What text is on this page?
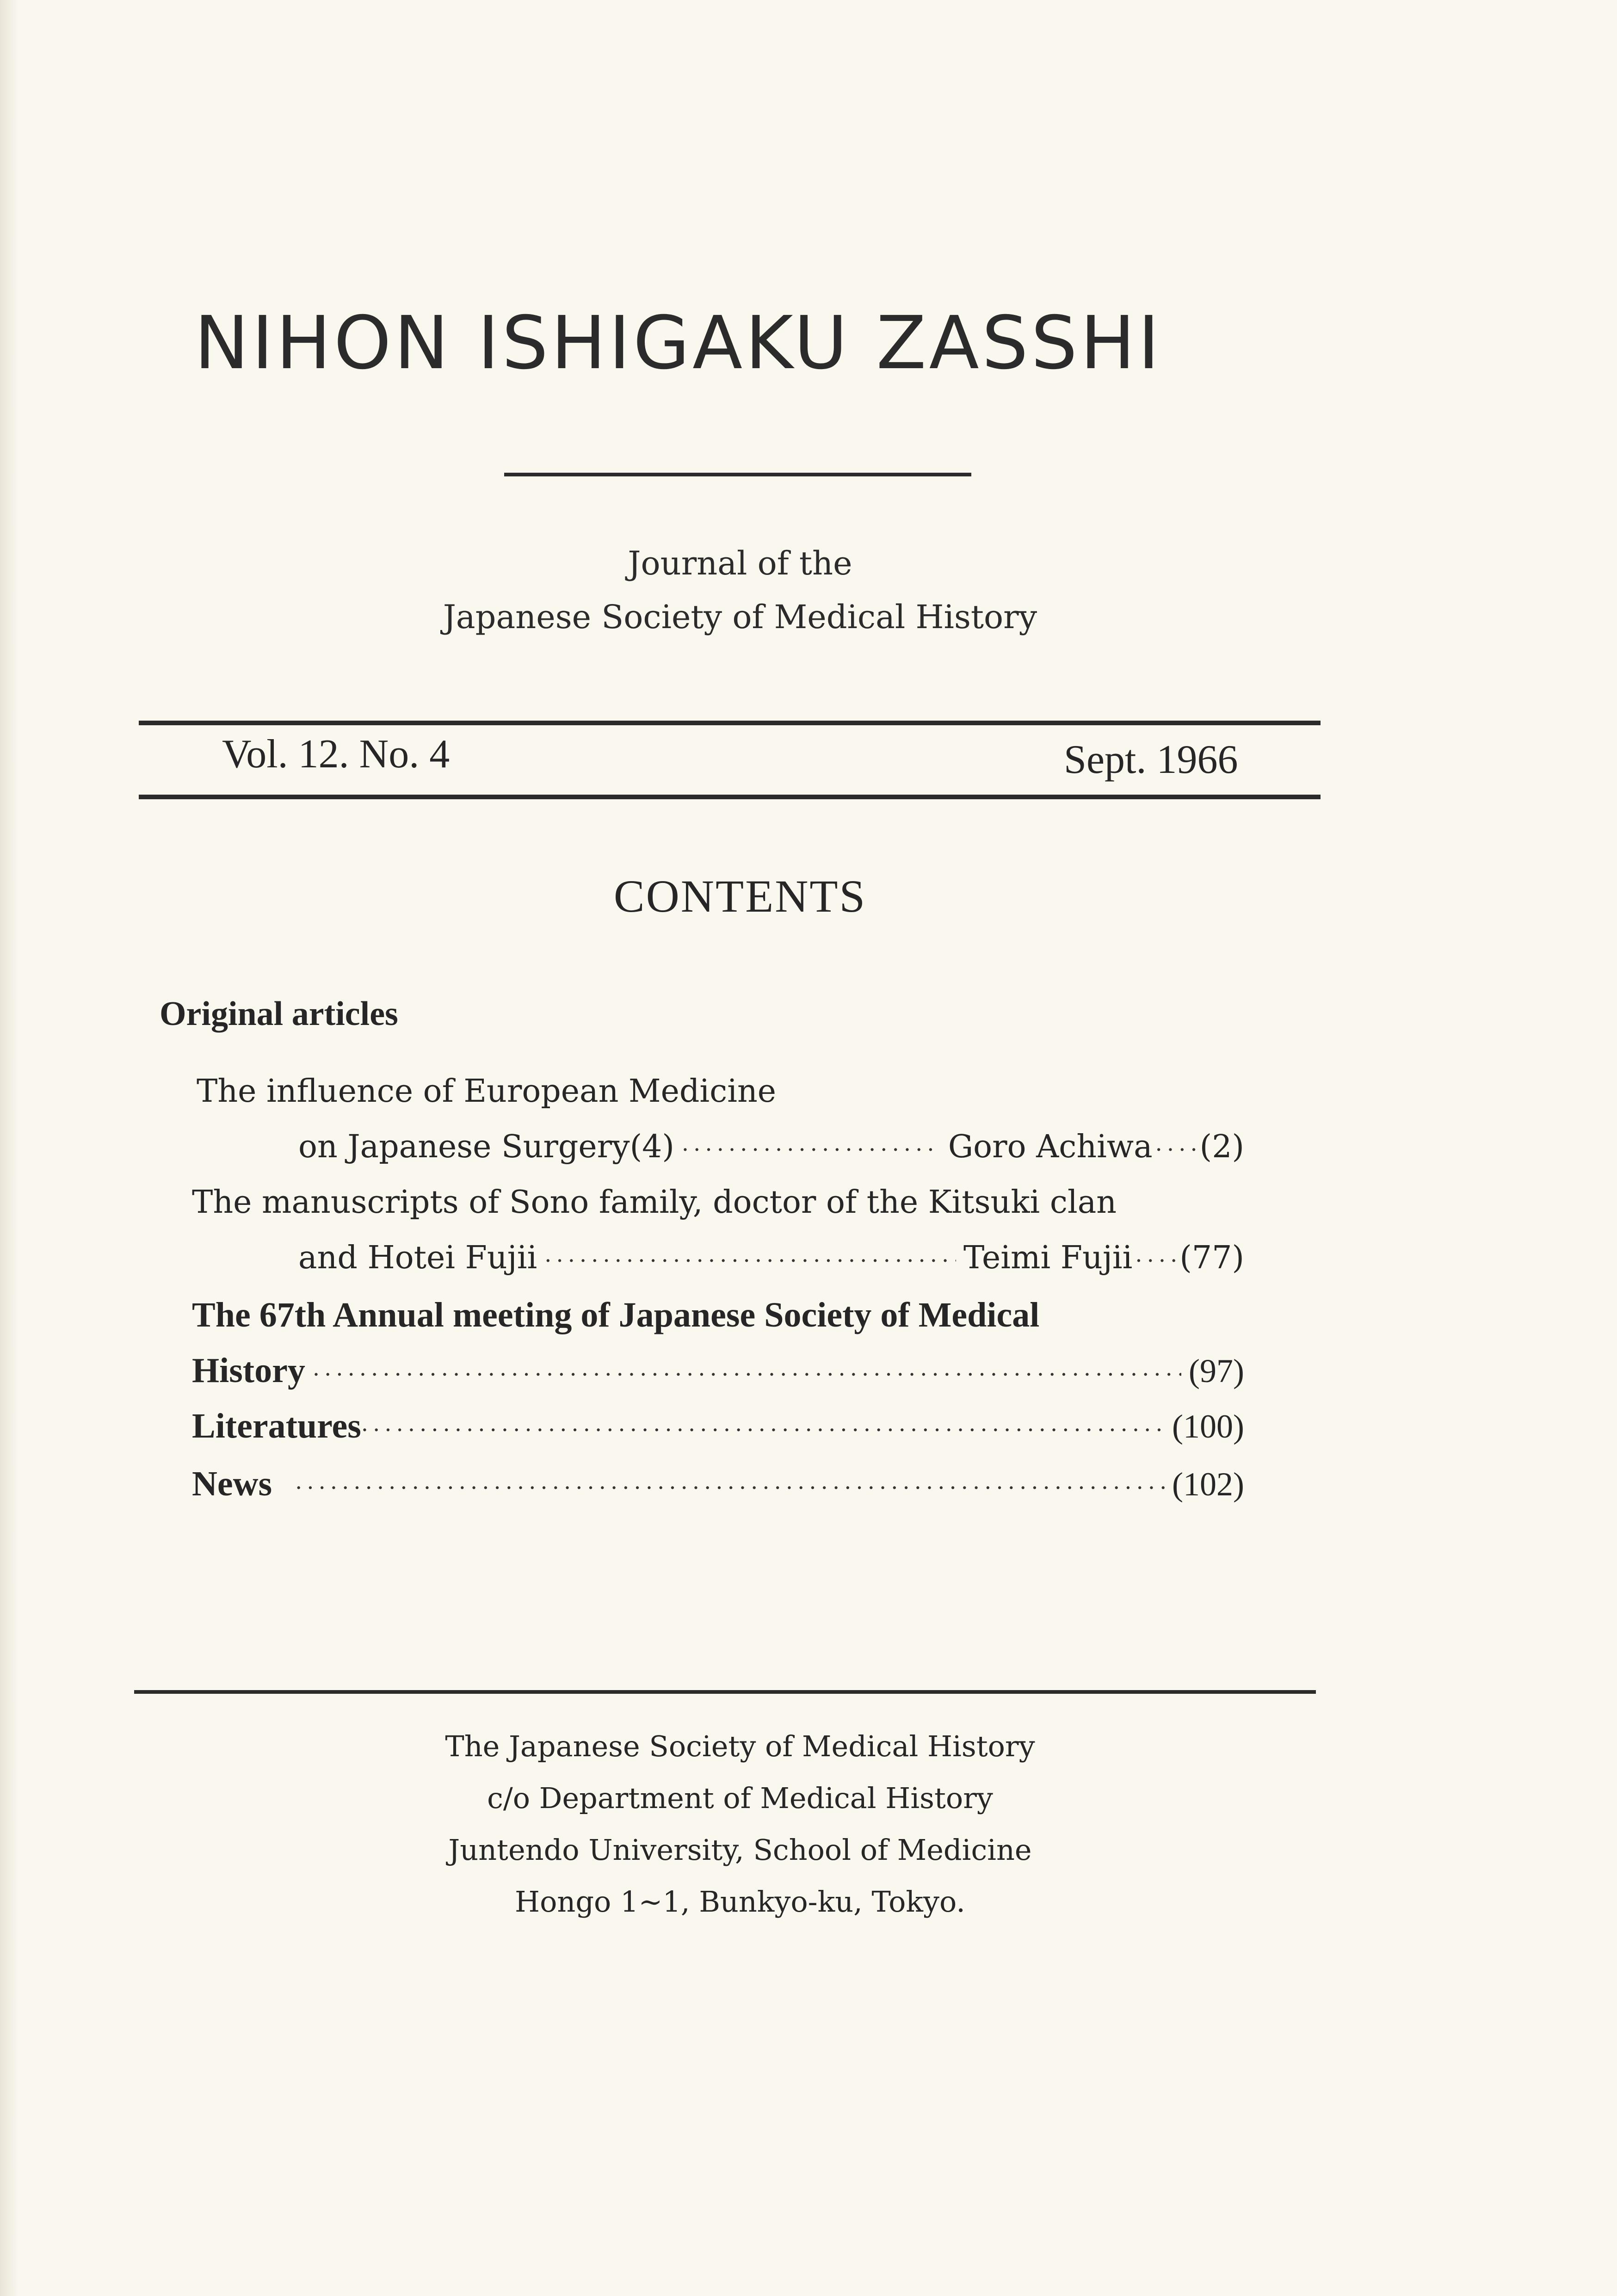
NIHON ISHIGAKU ZASSHI
Journal of the
Japanese Society of Medical History
Vol. 12. No. 4	Sept. 1966
CONTENTS
Original articles
The influence of European Medicine
on Japanese Surgery(4) ·····	Goro Achiwa ····· (2)
The manuscripts of Sono family, doctor of the Kitsuki clan
and Hotei Fujii ·····	Teimi Fujii ····· (77)
The 67th Annual meeting of Japanese Society of Medical
History ·····	(97)
Literatures ·····	(100)
News ·····	(102)
The Japanese Society of Medical History
c/o Department of Medical History
Juntendo University, School of Medicine
Hongo 1∼1, Bunkyo-ku, Tokyo.
